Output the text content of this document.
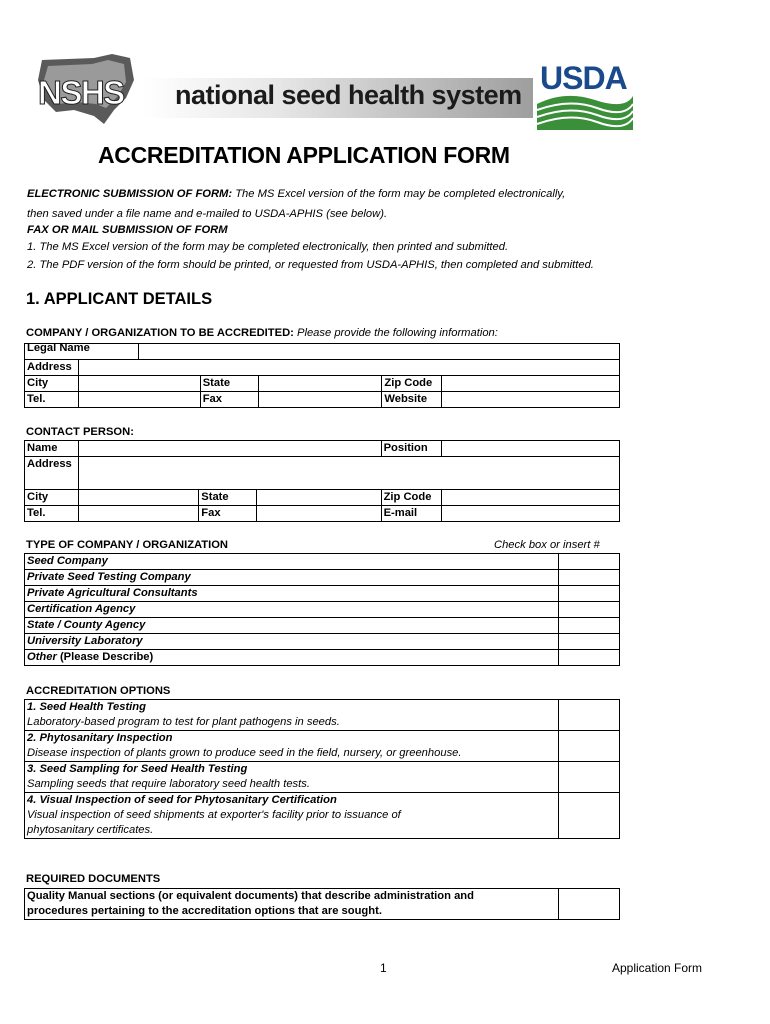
NSHS national seed health system USDA
ACCREDITATION APPLICATION FORM
ELECTRONIC SUBMISSION OF FORM: The MS Excel version of the form may be completed electronically,
then saved under a file name and e-mailed to USDA-APHIS (see below).
FAX OR MAIL SUBMISSION OF FORM
1. The MS Excel version of the form may be completed electronically, then printed and submitted.
2. The PDF version of the form should be printed, or requested from USDA-APHIS, then completed and submitted.
1. APPLICANT DETAILS
COMPANY / ORGANIZATION TO BE ACCREDITED: Please provide the following information:
Legal Name						
Address						
City			State		Zip Code	
Tel.			Fax		Website	
CONTACT PERSON:
Name				Position	
Address					
City		State		Zip Code	
Tel.		Fax		E-mail	
TYPE OF COMPANY / ORGANIZATION	Check box or insert #
Seed Company	
Private Seed Testing Company	
Private Agricultural Consultants	
Certification Agency	
State / County Agency	
University Laboratory	
Other (Please Describe)	
ACCREDITATION OPTIONS
1. Seed Health Testing
Laboratory-based program to test for plant pathogens in seeds.	

2. Phytosanitary Inspection
Disease inspection of plants grown to produce seed in the field, nursery, or greenhouse.	

3. Seed Sampling for Seed Health Testing
Sampling seeds that require laboratory seed health tests.	

4. Visual Inspection of seed for Phytosanitary Certification
Visual inspection of seed shipments at exporter's facility prior to issuance of
phytosanitary certificates.	

REQUIRED DOCUMENTS
Quality Manual sections (or equivalent documents) that describe administration and
procedures pertaining to the accreditation options that are sought.

1	Application Form
